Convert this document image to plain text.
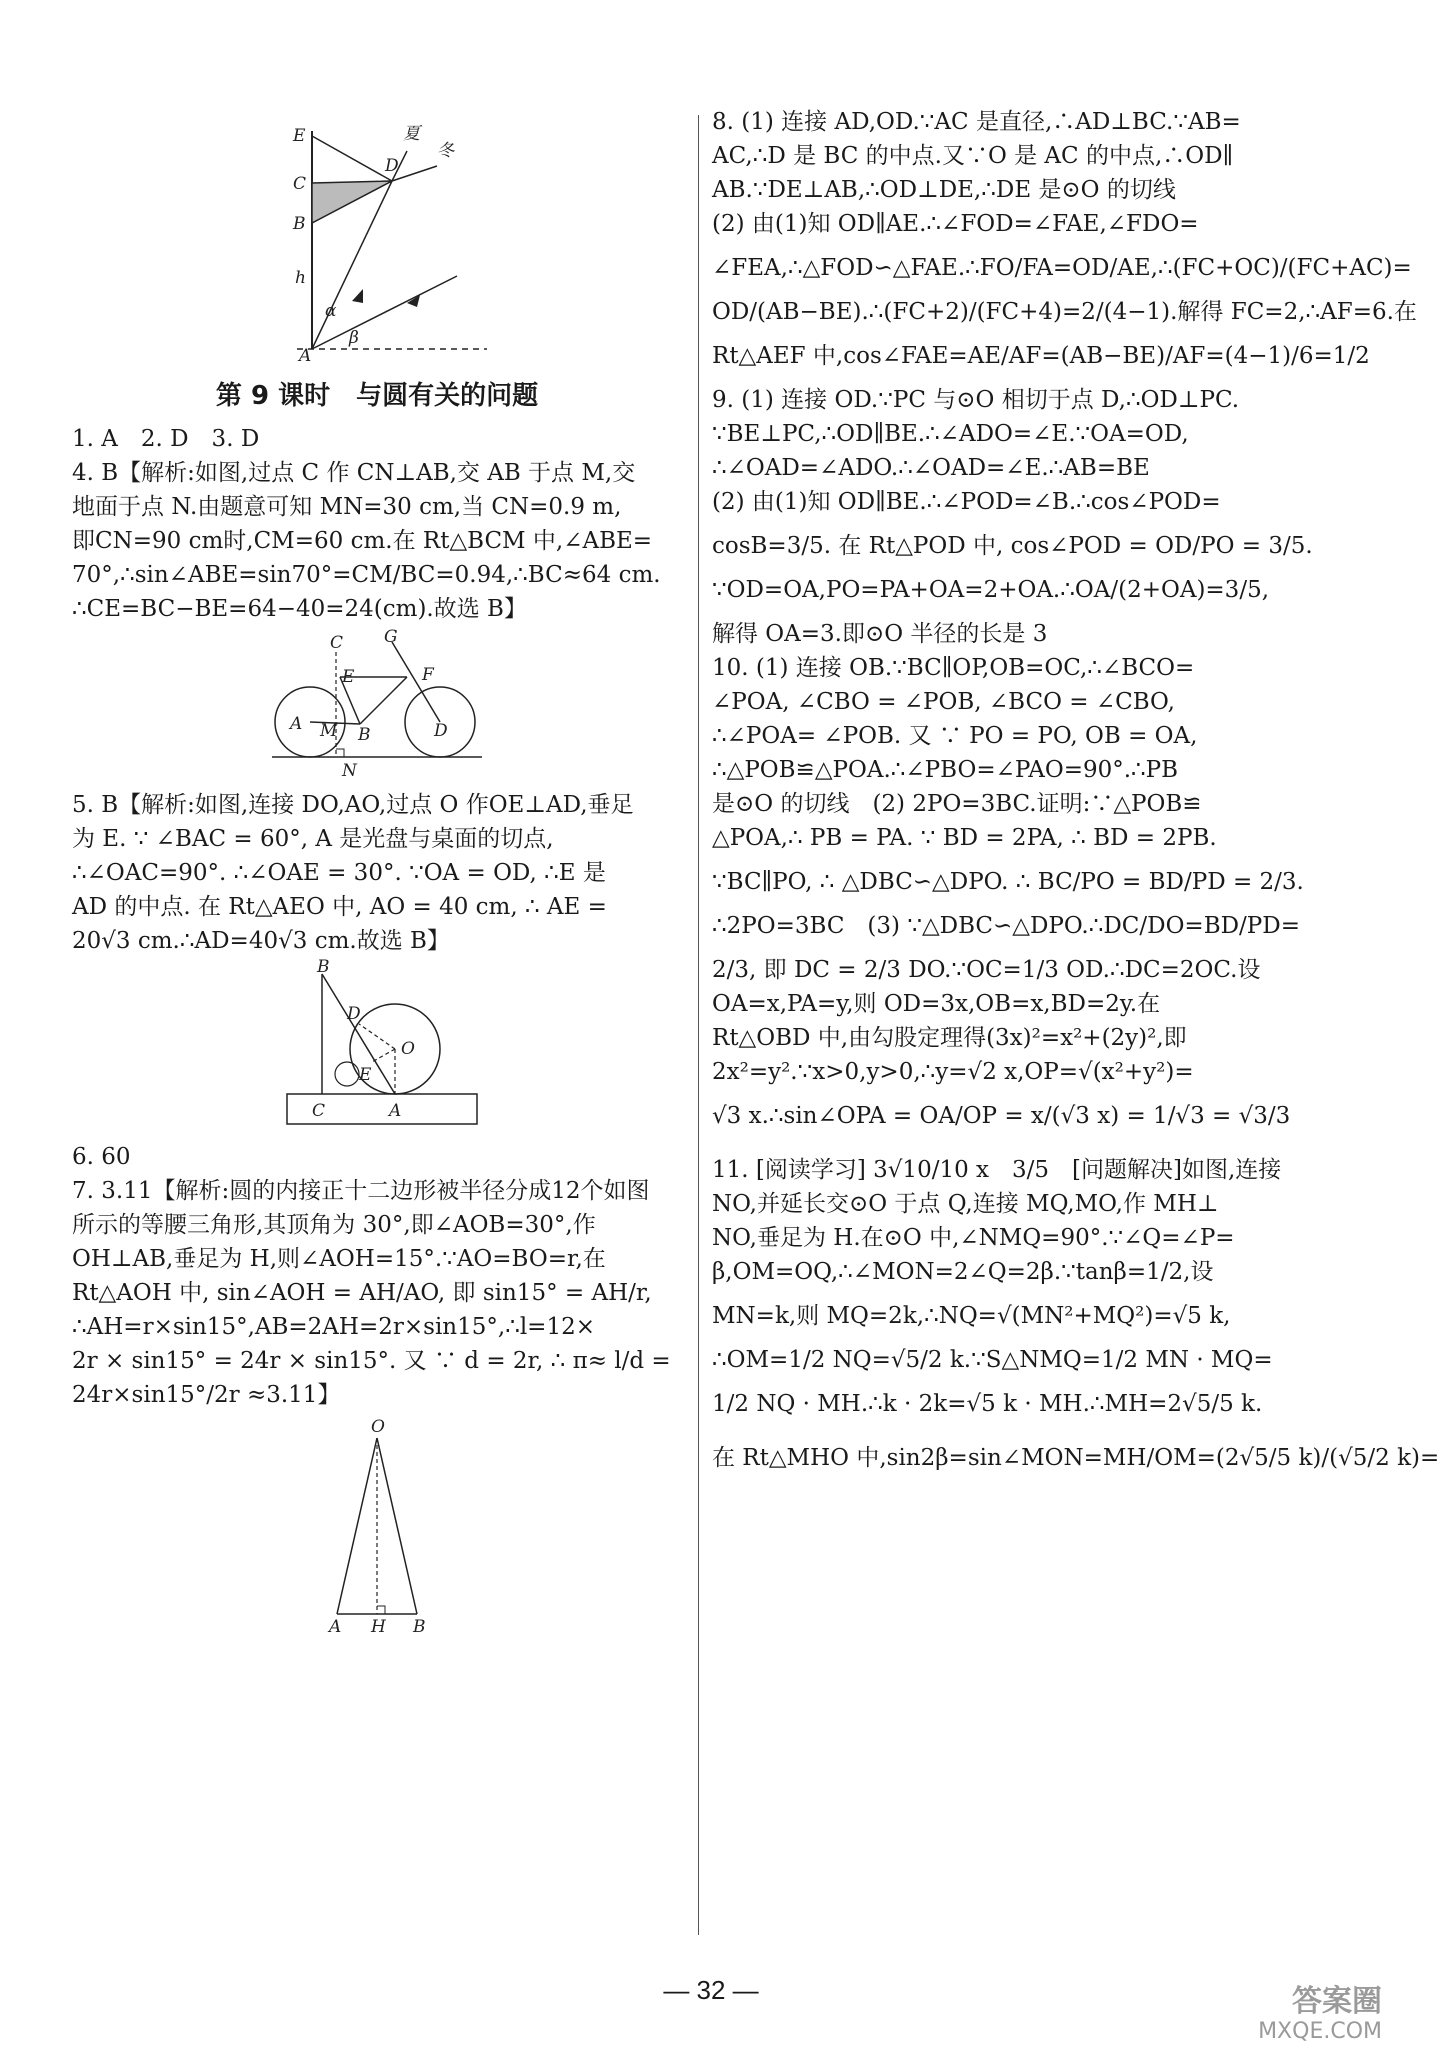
E
C
B
h
A
D
α
β
夏
冬
第 9 课时　与圆有关的问题

1. A　2. D　3. D

4. B【解析:如图,过点 C 作 CN⊥AB,交 AB 于点 M,交

地面于点 N.由题意可知 MN=30 cm,当 CN=0.9 m,

即CN=90 cm时,CM=60 cm.在 Rt△BCM 中,∠ABE=

70°,∴sin∠ABE=sin70°=CM/BC=0.94,∴BC≈64 cm.

∴CE=BC−BE=64−40=24(cm).故选 B】

C G
E	F
A M B	D
N

5. B【解析:如图,连接 DO,AO,过点 O 作OE⊥AD,垂足

为 E. ∵ ∠BAC = 60°, A 是光盘与桌面的切点,

∴∠OAC=90°. ∴∠OAE = 30°. ∵OA = OD, ∴E 是

AD 的中点. 在 Rt△AEO 中, AO = 40 cm, ∴ AE =

20√3 cm.∴AD=40√3 cm.故选 B】

B
D
O
E
C	A

6. 60

7. 3.11【解析:圆的内接正十二边形被半径分成12个如图

所示的等腰三角形,其顶角为 30°,即∠AOB=30°,作

OH⊥AB,垂足为 H,则∠AOH=15°.∵AO=BO=r,在

Rt△AOH 中, sin∠AOH = AH/AO, 即 sin15° = AH/r,

∴AH=r×sin15°,AB=2AH=2r×sin15°,∴l=12×

2r × sin15° = 24r × sin15°. 又 ∵ d = 2r, ∴ π≈ l/d =

24r×sin15°/2r ≈3.11】

O
A H B

8. (1) 连接 AD,OD.∵AC 是直径,∴AD⊥BC.∵AB=

AC,∴D 是 BC 的中点.又∵O 是 AC 的中点,∴OD∥

AB.∵DE⊥AB,∴OD⊥DE,∴DE 是⊙O 的切线

(2) 由(1)知 OD∥AE.∴∠FOD=∠FAE,∠FDO=

∠FEA,∴△FOD∽△FAE.∴FO/FA=OD/AE,∴(FC+OC)/(FC+AC)=

OD/(AB−BE).∴(FC+2)/(FC+4)=2/(4−1).解得 FC=2,∴AF=6.在

Rt△AEF 中,cos∠FAE=AE/AF=(AB−BE)/AF=(4−1)/6=1/2

9. (1) 连接 OD.∵PC 与⊙O 相切于点 D,∴OD⊥PC.

∵BE⊥PC,∴OD∥BE.∴∠ADO=∠E.∵OA=OD,

∴∠OAD=∠ADO.∴∠OAD=∠E.∴AB=BE

(2) 由(1)知 OD∥BE.∴∠POD=∠B.∴cos∠POD=

cosB=3/5. 在 Rt△POD 中, cos∠POD = OD/PO = 3/5.

∵OD=OA,PO=PA+OA=2+OA.∴OA/(2+OA)=3/5,

解得 OA=3.即⊙O 半径的长是 3

10. (1) 连接 OB.∵BC∥OP,OB=OC,∴∠BCO=

∠POA, ∠CBO = ∠POB, ∠BCO = ∠CBO,

∴∠POA= ∠POB. 又 ∵ PO = PO, OB = OA,

∴△POB≌△POA.∴∠PBO=∠PAO=90°.∴PB

是⊙O 的切线　(2) 2PO=3BC.证明:∵△POB≌

△POA,∴ PB = PA. ∵ BD = 2PA, ∴ BD = 2PB.

∵BC∥PO, ∴ △DBC∽△DPO. ∴ BC/PO = BD/PD = 2/3.

∴2PO=3BC　(3) ∵△DBC∽△DPO.∴DC/DO=BD/PD=

2/3, 即 DC = 2/3 DO.∵OC=1/3 OD.∴DC=2OC.设

OA=x,PA=y,则 OD=3x,OB=x,BD=2y.在

Rt△OBD 中,由勾股定理得(3x)²=x²+(2y)²,即

2x²=y².∵x>0,y>0,∴y=√2 x,OP=√(x²+y²)=

√3 x.∴sin∠OPA = OA/OP = x/(√3 x) = 1/√3 = √3/3

11. [阅读学习] 3√10/10 x　3/5　[问题解决]如图,连接

NO,并延长交⊙O 于点 Q,连接 MQ,MO,作 MH⊥

NO,垂足为 H.在⊙O 中,∠NMQ=90°.∵∠Q=∠P=

β,OM=OQ,∴∠MON=2∠Q=2β.∵tanβ=1/2,设

MN=k,则 MQ=2k,∴NQ=√(MN²+MQ²)=√5 k,

∴OM=1/2 NQ=√5/2 k.∵S△NMQ=1/2 MN · MQ=

1/2 NQ · MH.∴k · 2k=√5 k · MH.∴MH=2√5/5 k.

在 Rt△MHO 中,sin2β=sin∠MON=MH/OM=(2√5/5 k)/(√5/2 k)=

— 32 —	答案圈
MXQE.COM
